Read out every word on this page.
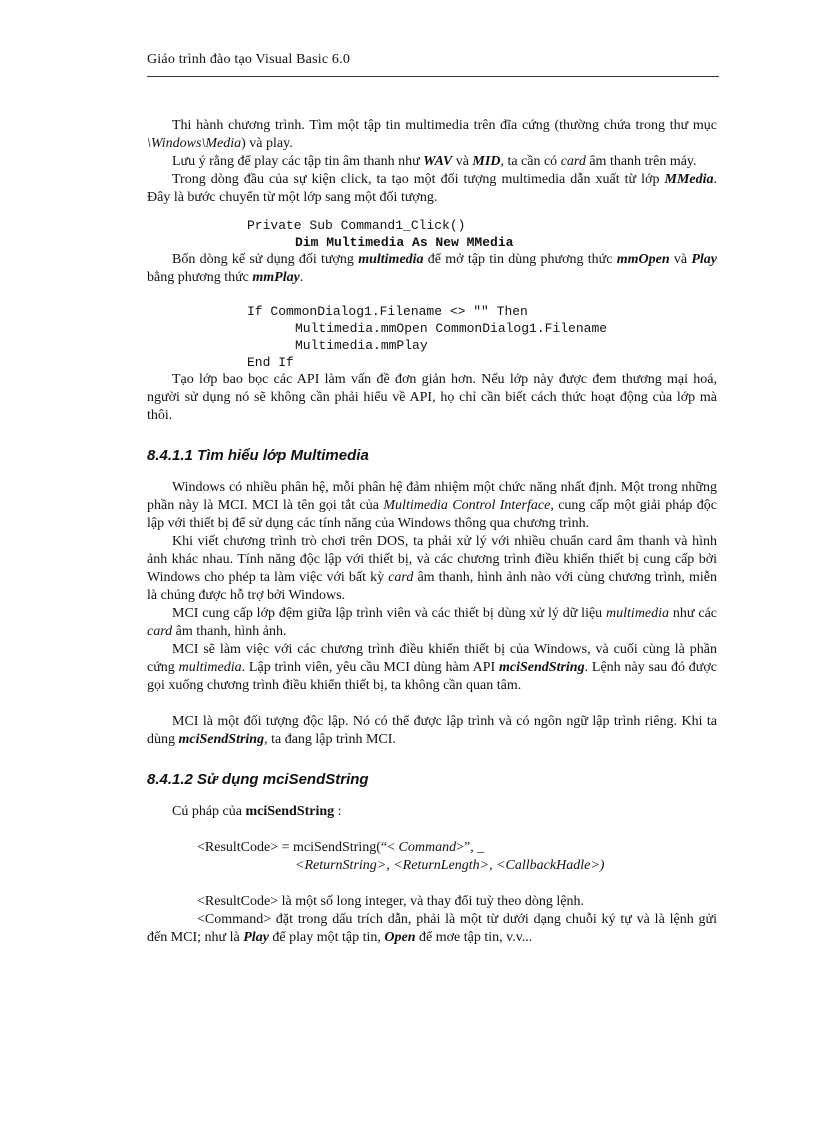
Giáo trình đào tạo Visual Basic 6.0

Thi hành chương trình. Tìm một tập tin multimedia trên đĩa cứng (thường chứa trong thư mục \Windows\Media) và play.

Lưu ý rằng để play các tập tin âm thanh như WAV và MID, ta cần có card âm thanh trên máy.

Trong dòng đầu của sự kiện click, ta tạo một đối tượng multimedia dẫn xuất từ lớp MMedia. Đây là bước chuyển từ một lớp sang một đối tượng.

Private Sub Command1_Click()
Dim Multimedia As New MMedia

Bốn dòng kế sử dụng đối tượng multimedia để mở tập tin dùng phương thức mmOpen và Play bằng phương thức mmPlay.

If CommonDialog1.Filename <> "" Then
Multimedia.mmOpen CommonDialog1.Filename
Multimedia.mmPlay
End If

Tạo lớp bao bọc các API làm vấn đề đơn giản hơn. Nếu lớp này được đem thương mại hoá, người sử dụng nó sẽ không cần phải hiểu về API, họ chỉ cần biết cách thức hoạt động của lớp mà thôi.

8.4.1.1 Tìm hiểu lớp Multimedia

Windows có nhiều phân hệ, mỗi phân hệ đảm nhiệm một chức năng nhất định. Một trong những phần này là MCI. MCI là tên gọi tắt của Multimedia Control Interface, cung cấp một giải pháp độc lập với thiết bị để sử dụng các tính năng của Windows thông qua chương trình.

Khi viết chương trình trò chơi trên DOS, ta phải xử lý với nhiều chuẩn card âm thanh và hình ảnh khác nhau. Tính năng độc lập với thiết bị, và các chương trình điều khiển thiết bị cung cấp bởi Windows cho phép ta làm việc với bất kỳ card âm thanh, hình ảnh nào với cùng chương trình, miễn là chúng được hỗ trợ bởi Windows.

MCI cung cấp lớp đệm giữa lập trình viên và các thiết bị dùng xử lý dữ liệu multimedia như các card âm thanh, hình ảnh.

MCI sẽ làm việc với các chương trình điều khiển thiết bị của Windows, và cuối cùng là phần cứng multimedia. Lập trình viên, yêu cầu MCI dùng hàm API mciSendString. Lệnh này sau đó được gọi xuống chương trình điều khiển thiết bị, ta không cần quan tâm.

MCI là một đối tượng độc lập. Nó có thể được lập trình và có ngôn ngữ lập trình riêng. Khi ta dùng mciSendString, ta đang lập trình MCI.

8.4.1.2 Sử dụng mciSendString

Cú pháp của mciSendString :

<ResultCode> = mciSendString(“< Command>”, _

<ReturnString>, <ReturnLength>, <CallbackHadle>)

<ResultCode> là một số long integer, và thay đổi tuỳ theo dòng lệnh.

<Command> đặt trong dấu trích dẫn, phải là một từ dưới dạng chuỗi ký tự và là lệnh gửi đến MCI; như là Play để play một tập tin, Open để mơe tập tin, v.v...
